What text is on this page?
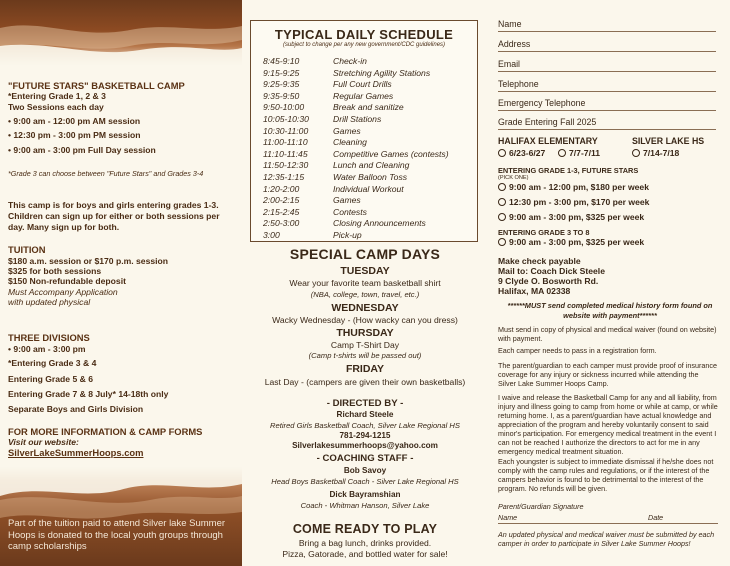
"FUTURE STARS" BASKETBALL CAMP
*Entering Grade 1, 2 & 3
Two Sessions each day
• 9:00 am - 12:00 pm AM session
• 12:30 pm - 3:00 pm PM session
• 9:00 am - 3:00 pm Full Day session
*Grade 3 can choose between "Future Stars" and Grades 3-4
This camp is for boys and girls entering grades 1-3.
Children can sign up for either or both sessions per
day. Many sign up for both.
TUITION
$180 a.m. session or $170 p.m. session
$325 for both sessions
$150 Non-refundable deposit
Must Accompany Application
with updated physical
THREE DIVISIONS
• 9:00 am - 3:00 pm
*Entering Grade 3 & 4
Entering Grade 5 & 6
Entering Grade 7 & 8 July* 14-18th only
Separate Boys and Girls Division
FOR MORE INFORMATION & CAMP FORMS
Visit our website:
SilverLakeSummerHoops.com
Part of the tuition paid to attend Silver lake Summer Hoops is donated to the local youth groups through camp scholarships
TYPICAL DAILY SCHEDULE
(subject to change per any new government/CDC guidelines)
8:45-9:10	Check-in
9:15-9:25	Stretching Agility Stations
9:25-9:35	Full Court Drills
9:35-9:50	Regular Games
9:50-10:00	Break and sanitize
10:05-10:30	Drill Stations
10:30-11:00	Games
11:00-11:10	Cleaning
11:10-11:45	Competitive Games (contests)
11:50-12:30	Lunch and Cleaning
12:35-1:15	Water Balloon Toss
1:20-2:00	Individual Workout
2:00-2:15	Games
2:15-2:45	Contests
2:50-3:00	Closing Announcements
3:00	Pick-up
SPECIAL CAMP DAYS
TUESDAY
Wear your favorite team basketball shirt
(NBA, college, town, travel, etc.)
WEDNESDAY
Wacky Wednesday - (How wacky can you dress)
THURSDAY
Camp T-Shirt Day
(Camp t-shirts will be passed out)
FRIDAY
Last Day - (campers are given their own basketballs)
- DIRECTED BY -
Richard Steele
Retired Girls Basketball Coach, Silver Lake Regional HS
781-294-1215
Silverlakesummerhoops@yahoo.com
- COACHING STAFF -
Bob Savoy
Head Boys Basketball Coach - Silver Lake Regional HS
Dick Bayramshian
Coach - Whitman Hanson, Silver Lake
COME READY TO PLAY
Bring a bag lunch, drinks provided.
Pizza, Gatorade, and bottled water for sale!
Name
Address
Email
Telephone
Emergency Telephone
Grade Entering Fall 2025
HALIFAX ELEMENTARY	SILVER LAKE HS
6/23-6/27	7/7-7/11	7/14-7/18
ENTERING GRADE 1-3, FUTURE STARS
(PICK ONE)
9:00 am - 12:00 pm, $180 per week
12:30 pm - 3:00 pm, $170 per week
9:00 am - 3:00 pm, $325 per week
ENTERING GRADE 3 TO 8
9:00 am - 3:00 pm, $325 per week
Make check payable
Mail to: Coach Dick Steele
9 Clyde O. Bosworth Rd.
Halifax, MA 02338
******MUST send completed medical history form found on website with payment******
Must send in copy of physical and medical waiver (found on website) with payment.
Each camper needs to pass in a registration form.
The parent/guardian to each camper must provide proof of insurance coverage for any injury or sickness incurred while attending the Silver Lake Summer Hoops Camp.
I waive and release the Basketball Camp for any and all liability, from injury and illness going to camp from home or while at camp, or while returning home. I, as a parent/guardian have actual knowledge and appreciation of the program and hereby voluntarily consent to said minor's participation. For emergency medical treatment in the event I can not be reached I authorize the directors to act for me in any emergency medical treatment situation.
Each youngster is subject to immediate dismissal if he/she does not comply with the camp rules and regulations, or if the interest of the campers behavior is found to be detrimental to the interest of the program. No refunds will be given.
Parent/Guardian Signature
Name	Date
An updated physical and medical waiver must be submitted by each camper in order to participate in Silver Lake Summer Hoops!
